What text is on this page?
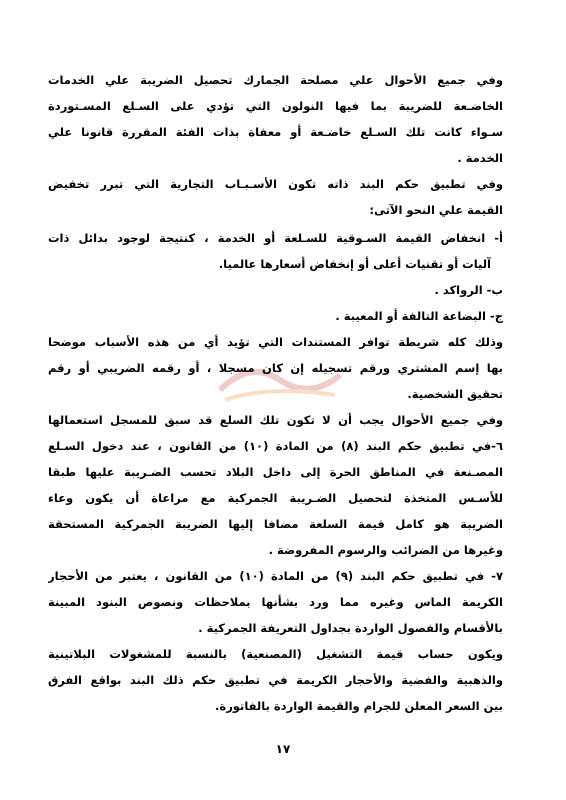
وفي جميع الأحوال علي مصلحة الجمارك تحصيل الضريبة علي الخدمات
الخاضـعة للضريبة بما فيها النولون التي تؤدي على السـلع المسـتوردة
سـواء كانت تلك السـلع خاضـعة أو معفاة بذات الفئة المقررة قانونا علي
الخدمة .
وفي تطبيق حكم البند ذاته تكون الأسـبـاب التجارية التي تبرر تخفيض
القيمة علي النحو الآتى:
أ- انخفاض القيمة السـوقية للسـلعة أو الخدمة ، كنتيجة لوجود بدائل ذات
آليات أو تقنيات أعلى أو إنخفاض أسعارها عالميا.
ب- الرواكد .
ج- البضاعة التالفة أو المعيبة .
وذلك كله شريطة توافر المستندات التي تؤيد أي من هذه الأسباب موضحا
بها إسم المشتري ورقم تسجيله إن كان مسجلا ، أو رقمه الضريبي أو رقم
تحقيق الشخصية.
وفي جميع الأحوال يجب أن لا تكون تلك السلع قد سبق للمسجل استعمالها
٦-في تطبيق حكم البند (٨) من المادة (١٠) من القانون ، عند دخول السـلع
المصـنعة في المناطق الحرة إلى داخل البلاد تحسب الضـريبة عليها طبقا
للأسـس المتخذة لتحصيل الضـريبة الجمركية مع مراعاة أن يكون وعاء
الضريبة هو كامل قيمة السلعة مضافا إليها الضريبة الجمركية المستحقة
وغيرها من الضرائب والرسوم المفروضة .
٧- في تطبيق حكم البند (٩) من المادة (١٠) من القانون ، يعتبر من الأحجار
الكريمة الماس وغيره مما ورد بشأنها بملاحظات ونصوص البنود المبينة
بالأقسام والفصول الواردة بجداول التعريفة الجمركية .
ويكون حساب قيمة التشغيل (المصنعية) بالنسبة للمشغولات البلاتينية
والذهبية والفضية والأحجار الكريمة في تطبيق حكم ذلك البند بواقع الفرق
بين السعر المعلن للجرام والقيمة الواردة بالفاتورة.
١٧
